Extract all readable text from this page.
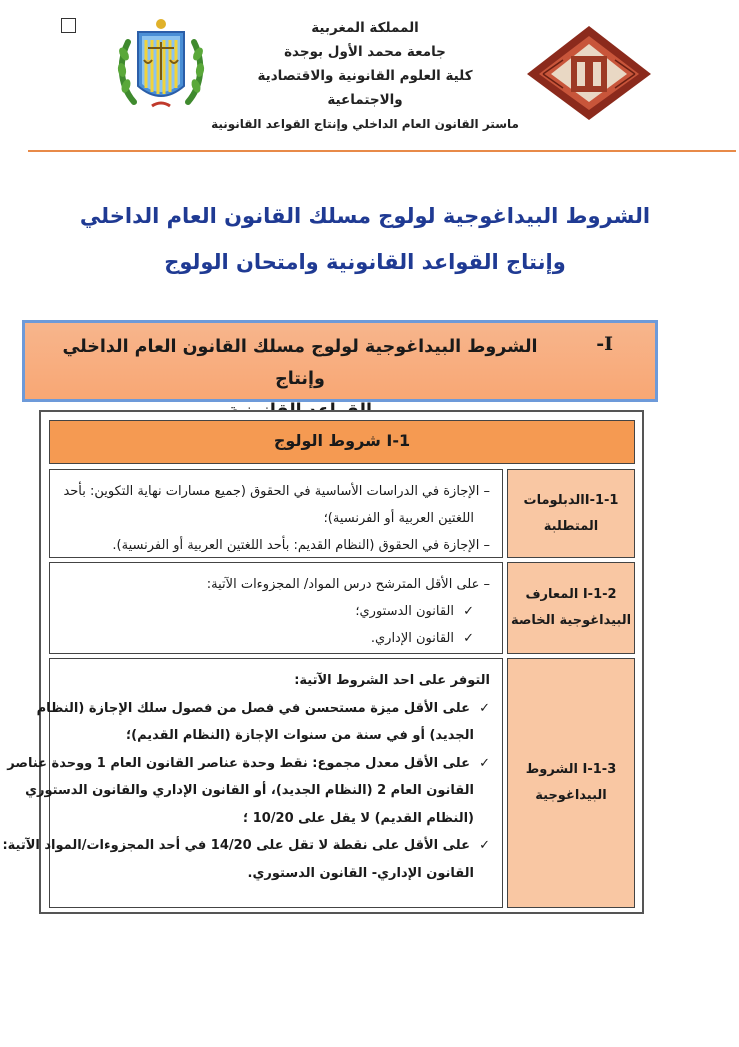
المملكة المغربية
جامعة محمد الأول بوجدة
كلية العلوم القانونية والاقتصادية
والاجتماعية
ماستر القانون العام الداخلي وإنتاج القواعد القانونية
الشروط البيداغوجية لولوج مسلك القانون العام الداخلي
وإنتاج القواعد القانونية وامتحان الولوج
I-
الشروط البيداغوجية لولوج مسلك القانون العام الداخلي وإنتاج
I-1 شروط الولوج
I-1-1الدبلومات
المتطلبة
– الإجازة في الدراسات الأساسية في الحقوق (جميع مسارات نهاية التكوين: بأحد
اللغتين العربية أو الفرنسية)؛
– الإجازة في الحقوق (النظام القديم: بأحد اللغتين العربية أو الفرنسية).
I-1-2 المعارف
البيداغوجية الخاصة
– على الأقل المترشح درس المواد/ المجزوءات الآتية:
✓القانون الدستوري؛
✓القانون الإداري.
I-1-3 الشروط
البيداغوجية
التوفر على احد الشروط الآتية:
✓على الأقل ميزة مستحسن في فصل من فصول سلك الإجازة (النظام
الجديد) أو في سنة من سنوات الإجازة (النظام القديم)؛
✓على الأقل معدل مجموع: نقط وحدة عناصر القانون العام 1 ووحدة عناصر
القانون العام 2 (النظام الجديد)، أو القانون الإداري والقانون الدستوري
(النظام القديم) لا يقل على 10/20 ؛
✓على الأقل على نقطة لا تقل على 14/20 في أحد المجزوءات/المواد الآتية:
القانون الإداري- القانون الدستوري.
